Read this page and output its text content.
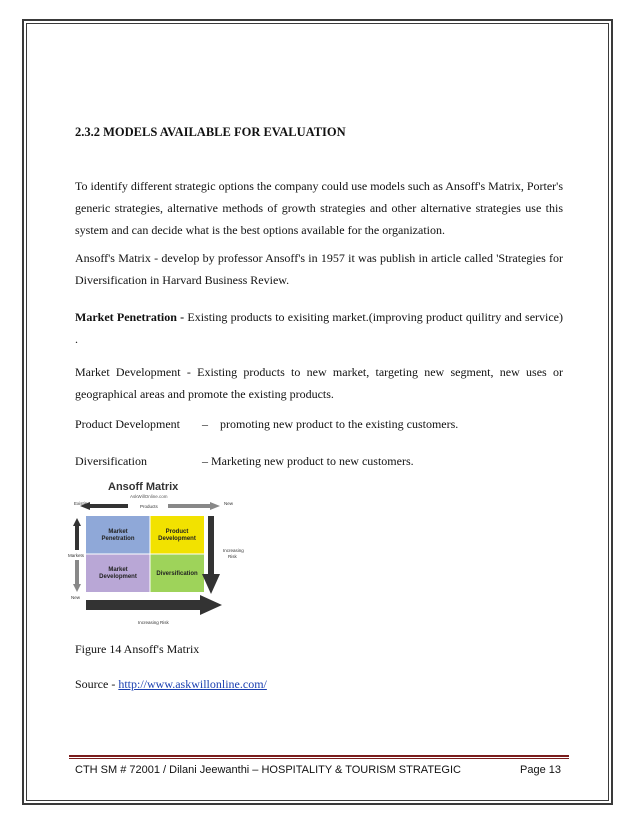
2.3.2 MODELS AVAILABLE FOR EVALUATION

To identify different strategic options the company could use models such as Ansoff's Matrix, Porter's generic strategies, alternative methods of growth strategies and other alternative strategies use this system and can decide what is the best options available for the organization.

Ansoff's Matrix - develop by professor Ansoff's in 1957 it was publish in article called 'Strategies for Diversification in Harvard Business Review.

Market Penetration - Existing products to exisiting market.(improving product quilitry and service) .

Market Development - Existing products to new market, targeting new segment, new uses or geographical areas and promote the existing products.

Product Development – promoting new product to the existing customers.
Diversification	– Marketing new product to new customers.
Ansoff Matrix
AskWillOnline.com
Existing
Products
New
Markets
New
Market Penetration
Product Development
Market Development	Diversification
Increasing
Risk
Increasing Risk
Figure 14 Ansoff's Matrix
Source - http://www.askwillonline.com/
CTH SM # 72001 / Dilani Jeewanthi – HOSPITALITY & TOURISM STRATEGIC	Page 13
